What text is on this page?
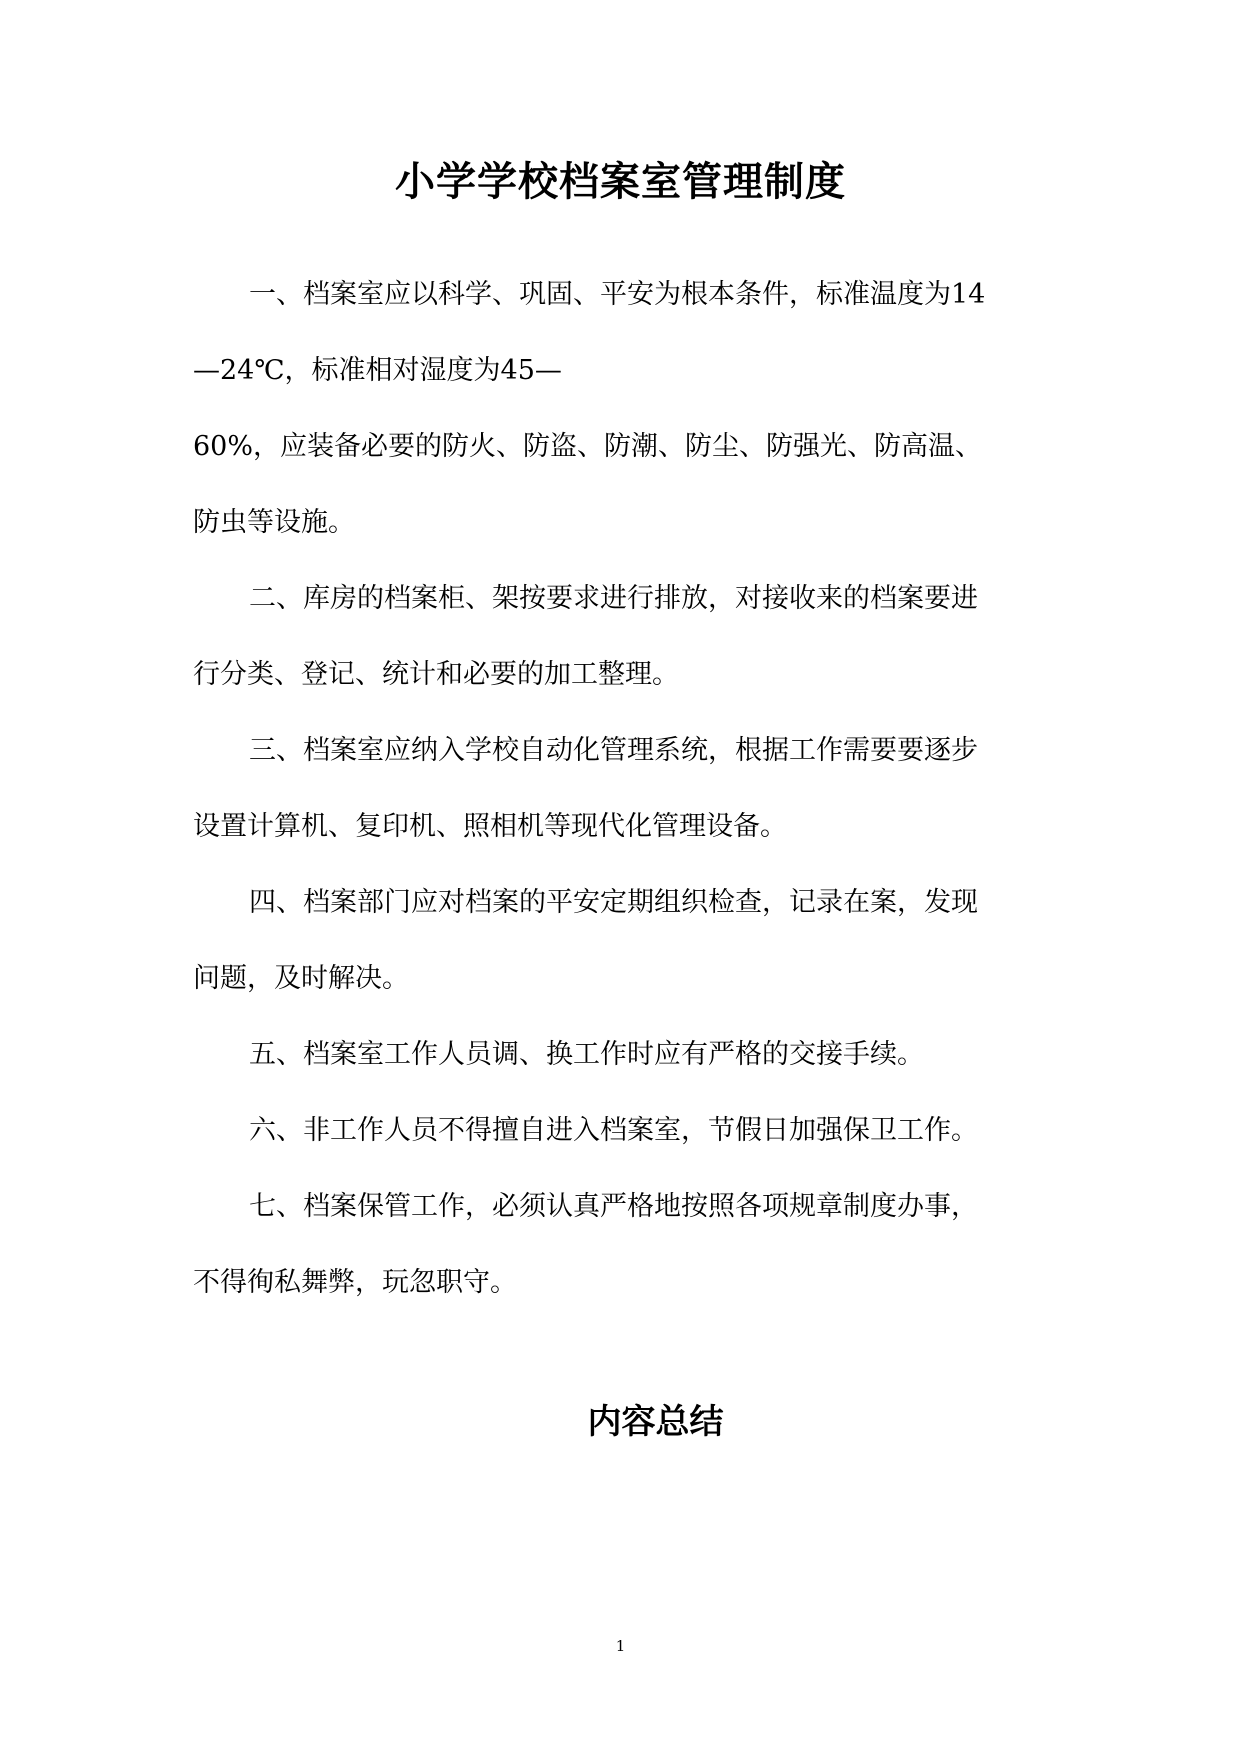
小学学校档案室管理制度

一、档案室应以科学、巩固、平安为根本条件，标准温度为14

—24℃，标准相对湿度为45—

60%，应装备必要的防火、防盗、防潮、防尘、防强光、防高温、

防虫等设施。

二、库房的档案柜、架按要求进行排放，对接收来的档案要进

行分类、登记、统计和必要的加工整理。

三、档案室应纳入学校自动化管理系统，根据工作需要要逐步

设置计算机、复印机、照相机等现代化管理设备。

四、档案部门应对档案的平安定期组织检查，记录在案，发现

问题，及时解决。

五、档案室工作人员调、换工作时应有严格的交接手续。

六、非工作人员不得擅自进入档案室，节假日加强保卫工作。

七、档案保管工作，必须认真严格地按照各项规章制度办事，

不得徇私舞弊，玩忽职守。

内容总结
1
